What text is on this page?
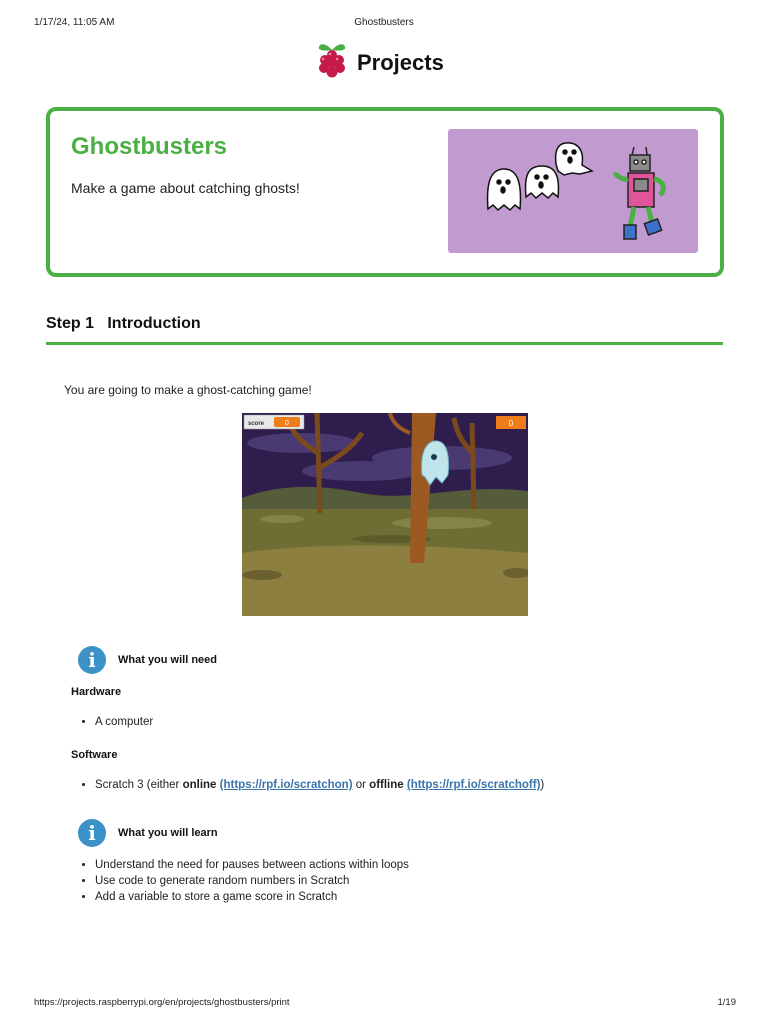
1/17/24, 11:05 AM	Ghostbusters
Projects
Ghostbusters
Make a game about catching ghosts!
Step 1 Introduction
You are going to make a ghost-catching game!
score	0	0
i	What you will need
Hardware
• A computer
Software
• Scratch 3 (either online (https://rpf.io/scratchon) or offline (https://rpf.io/scratchoff))
i	What you will learn
• Understand the need for pauses between actions within loops
• Use code to generate random numbers in Scratch
• Add a variable to store a game score in Scratch
https://projects.raspberrypi.org/en/projects/ghostbusters/print	1/19
